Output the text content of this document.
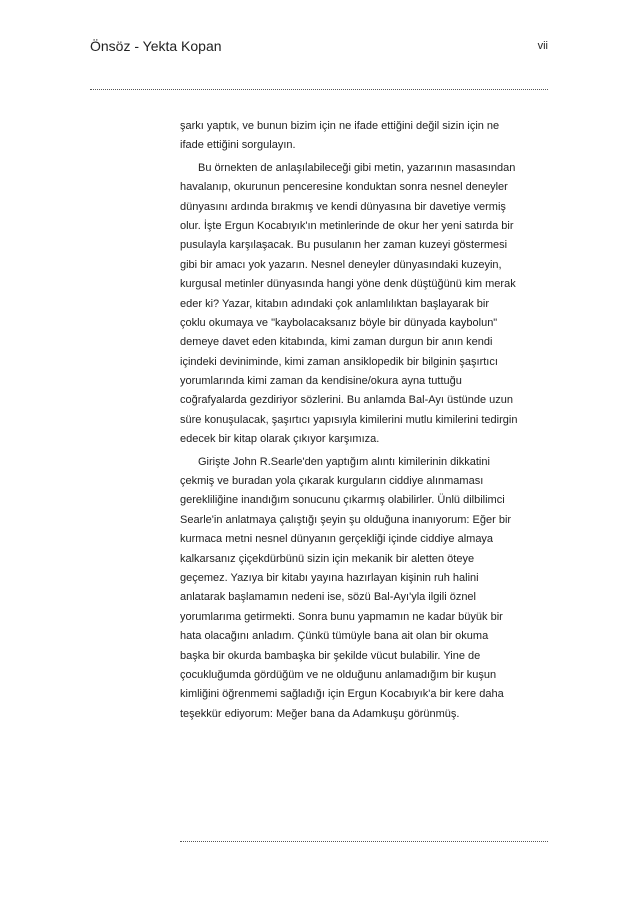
Önsöz - Yekta Kopan	vii
şarkı yaptık, ve bunun bizim için ne ifade ettiğini değil sizin için ne
ifade ettiğini sorgulayın.
Bu örnekten de anlaşılabileceği gibi metin, yazarının masasından
havalanıp, okurunun penceresine konduktan sonra nesnel deneyler
dünyasını ardında bırakmış ve kendi dünyasına bir davetiye vermiş
olur. İşte Ergun Kocabıyık'ın metinlerinde de okur her yeni satırda bir
pusulayla karşılaşacak. Bu pusulanın her zaman kuzeyi göstermesi
gibi bir amacı yok yazarın. Nesnel deneyler dünyasındaki kuzeyin,
kurgusal metinler dünyasında hangi yöne denk düştüğünü kim merak
eder ki? Yazar, kitabın adındaki çok anlamlılıktan başlayarak bir
çoklu okumaya ve "kaybolacaksanız böyle bir dünyada kaybolun"
demeye davet eden kitabında, kimi zaman durgun bir anın kendi
içindeki deviniminde, kimi zaman ansiklopedik bir bilginin şaşırtıcı
yorumlarında kimi zaman da kendisine/okura ayna tuttuğu
coğrafyalarda gezdiriyor sözlerini. Bu anlamda Bal-Ayı üstünde uzun
süre konuşulacak, şaşırtıcı yapısıyla kimilerini mutlu kimilerini tedirgin
edecek bir kitap olarak çıkıyor karşımıza.
Girişte John R.Searle'den yaptığım alıntı kimilerinin dikkatini
çekmiş ve buradan yola çıkarak kurguların ciddiye alınmaması
gerekliliğine inandığım sonucunu çıkarmış olabilirler. Ünlü dilbilimci
Searle'in anlatmaya çalıştığı şeyin şu olduğuna inanıyorum: Eğer bir
kurmaca metni nesnel dünyanın gerçekliği içinde ciddiye almaya
kalkarsanız çiçekdürbünü sizin için mekanik bir aletten öteye
geçemez. Yazıya bir kitabı yayına hazırlayan kişinin ruh halini
anlatarak başlamamın nedeni ise, sözü Bal-Ayı'yla ilgili öznel
yorumlarıma getirmekti. Sonra bunu yapmamın ne kadar büyük bir
hata olacağını anladım. Çünkü tümüyle bana ait olan bir okuma
başka bir okurda bambaşka bir şekilde vücut bulabilir. Yine de
çocukluğumda gördüğüm ve ne olduğunu anlamadığım bir kuşun
kimliğini öğrenmemi sağladığı için Ergun Kocabıyık'a bir kere daha
teşekkür ediyorum: Meğer bana da Adamkuşu görünmüş.
